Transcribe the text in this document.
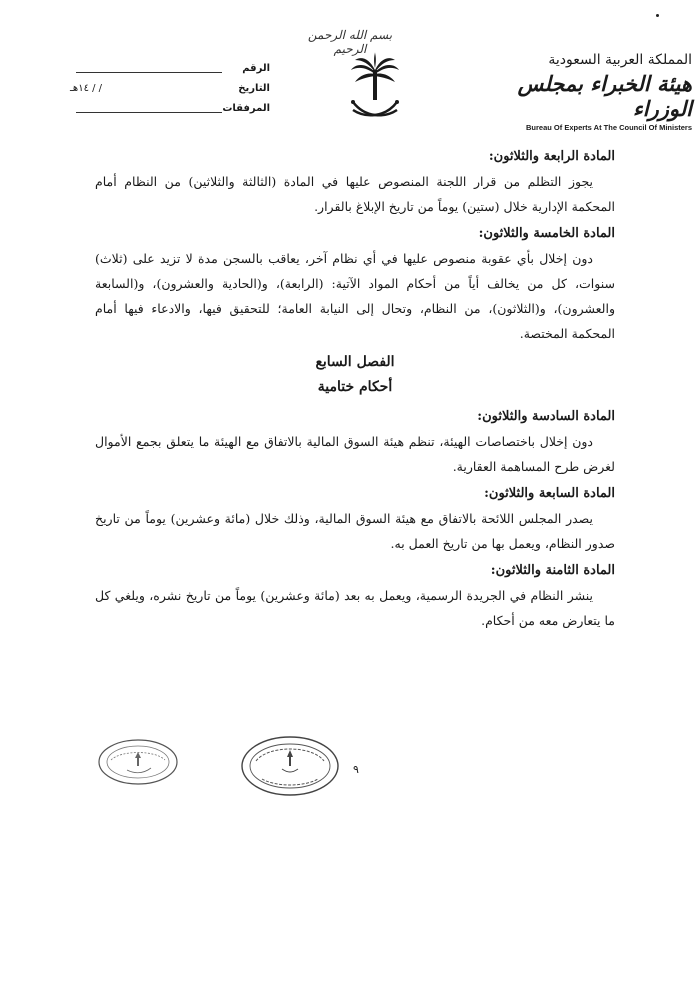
بسم الله الرحمن الرحيم
المملكة العربية السعودية
هيئة الخبراء بمجلس الوزراء
Bureau Of Experts At The Council Of Ministers
الرقم
التاريخ
/ / ١٤هـ
المرفقات

المادة الرابعة والثلاثون:

يجوز التظلم من قرار اللجنة المنصوص عليها في المادة (الثالثة والثلاثين) من النظام أمام المحكمة الإدارية خلال (ستين) يوماً من تاريخ الإبلاغ بالقرار.

المادة الخامسة والثلاثون:

دون إخلال بأي عقوبة منصوص عليها في أي نظام آخر، يعاقب بالسجن مدة لا تزيد على (ثلاث) سنوات، كل من يخالف أياً من أحكام المواد الآتية: (الرابعة)، و(الحادية والعشرون)، و(السابعة والعشرون)، و(الثلاثون)، من النظام، وتحال إلى النيابة العامة؛ للتحقيق فيها، والادعاء فيها أمام المحكمة المختصة.

الفصل السابع

أحكام ختامية

المادة السادسة والثلاثون:

دون إخلال باختصاصات الهيئة، تنظم هيئة السوق المالية بالاتفاق مع الهيئة ما يتعلق بجمع الأموال لغرض طرح المساهمة العقارية.

المادة السابعة والثلاثون:

يصدر المجلس اللائحة بالاتفاق مع هيئة السوق المالية، وذلك خلال (مائة وعشرين) يوماً من تاريخ صدور النظام، ويعمل بها من تاريخ العمل به.

المادة الثامنة والثلاثون:

ينشر النظام في الجريدة الرسمية، ويعمل به بعد (مائة وعشرين) يوماً من تاريخ نشره، ويلغي كل ما يتعارض معه من أحكام.

٩
